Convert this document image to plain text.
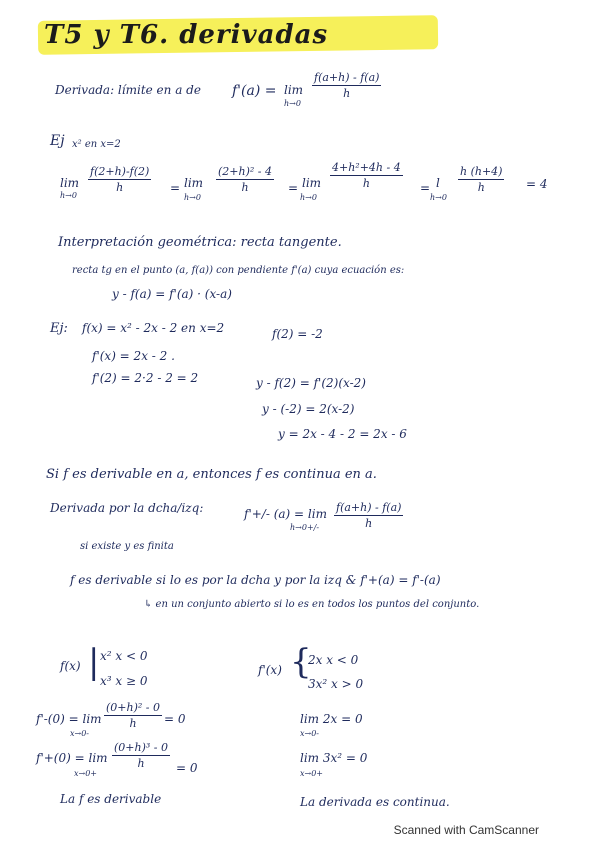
T5 y T6. derivadas
Derivada: límite en a de f'(a) = lim
h→0
$\frac{f(a+h) - f(a)}{h}$
Ej x² en x=2
lim
h→0
$\frac{f(2+h)-f(2)}{h} = \lim$
h→0
$\frac{\text{(2+h)² - 4}}{h} = \lim$
h→0
$\frac{\text{4+h²+4h - 4}}{h} = l$
h→0
$\frac{h (h+4)}{h} = 4$
Interpretación geométrica: recta tangente.
recta tg en el punto (a, f(a)) con pendiente f'(a) cuya ecuación es:
y - f(a) = f'(a) · (x-a)
Ej: f(x) = x² - 2x - 2 en x=2	f(2) = -2
f'(x) = 2x - 2 .
f'(2) = 2·2 - 2 = 2	y - f(2) = f'(2)(x-2)
y - (-2) = 2(x-2)
y = 2x - 4 - 2 = 2x - 6
Si f es derivable en a, entonces f es continua en a.
Derivada por la dcha/izq:	f'+/- (a) = lim
$h\to 0+/- \frac{f(a+h) - f(a)}{h}$
si existe y es finita
f es derivable si lo es por la dcha y por la izq & f'+(a) = f'-(a)
↳ en un conjunto abierto si lo es en todos los puntos del conjunto.
f(x) | x² x < 0
x³ x ≥ 0
f'(x) {
2x x < 0
3x² x > 0
f'-(0) = lim
x→0-
$\frac{\text{(0+h)² - 0}}{h} = 0$
f'+(0) = lim
x→0+
$\frac{\text{(0+h)³ - 0}}{h} = 0$
lim 2x = 0
x→0-
lim 3x² = 0
x→0+
La f es derivable	La derivada es continua.
Scanned with CamScanner
